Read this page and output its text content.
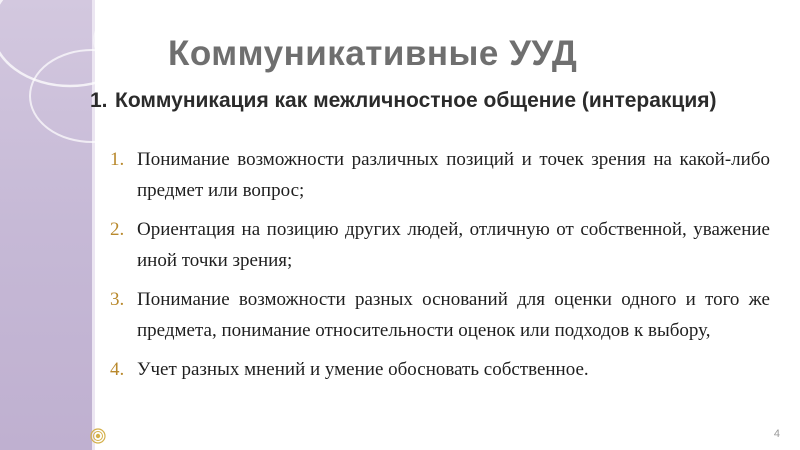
Коммуникативные УУД
1. Коммуникация как межличностное общение (интеракция)
1. Понимание возможности различных позиций и точек зрения на какой-либо предмет или вопрос;
2. Ориентация на позицию других людей, отличную от собственной, уважение иной точки зрения;
3. Понимание возможности разных оснований для оценки одного и того же предмета, понимание относительности оценок или подходов к выбору,
4. Учет разных мнений и умение обосновать собственное.
4
